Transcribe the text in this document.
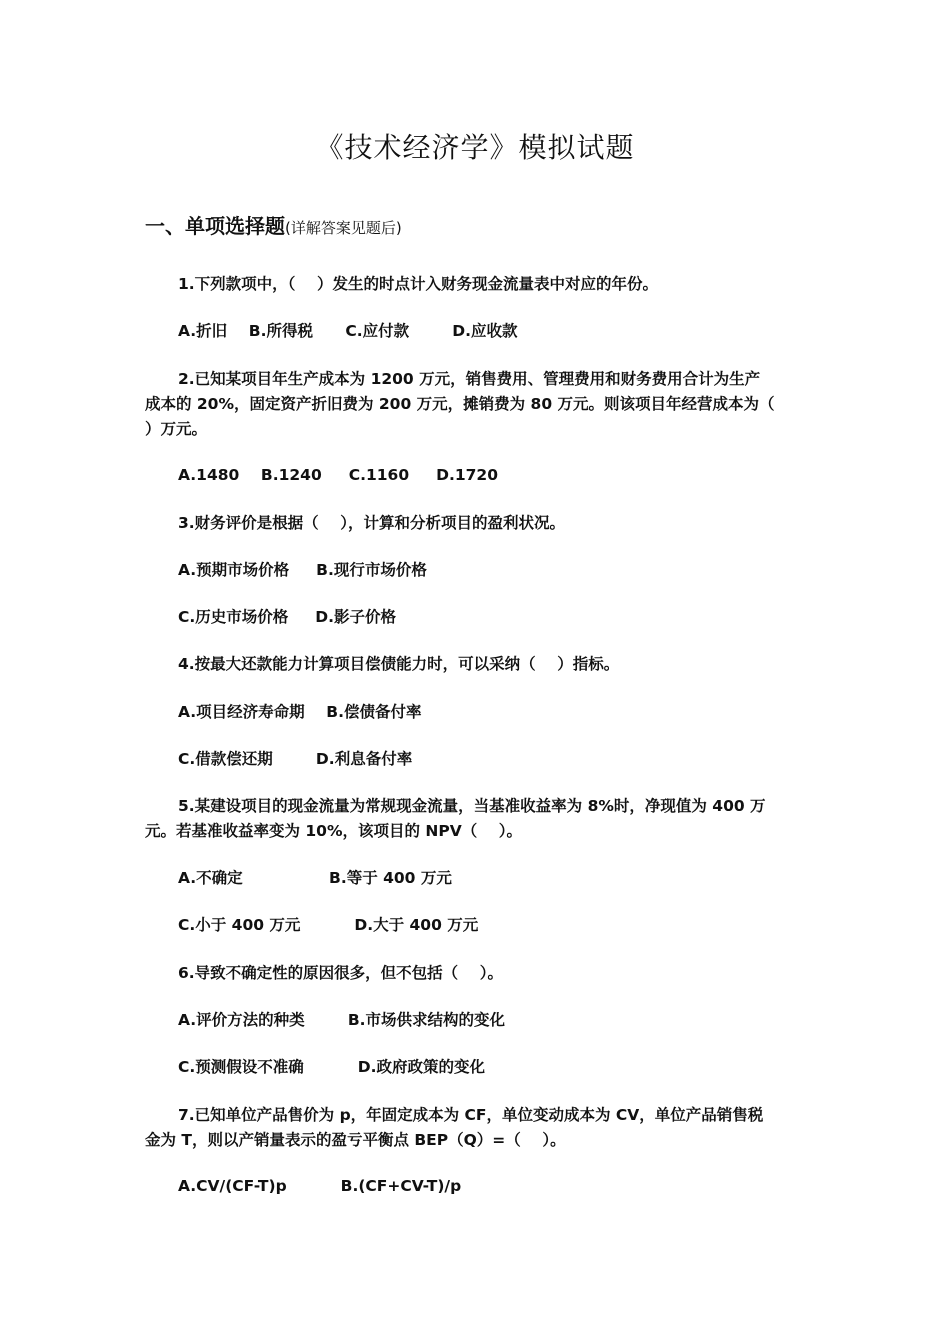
《技术经济学》模拟试题
一、单项选择题(详解答案见题后)

1.下列款项中，（    ）发生的时点计入财务现金流量表中对应的年份。

A.折旧    B.所得税      C.应付款        D.应收款

2.已知某项目年生产成本为 1200 万元，销售费用、管理费用和财务费用合计为生产

成本的 20%，固定资产折旧费为 200 万元，摊销费为 80 万元。则该项目年经营成本为（

）万元。

A.1480    B.1240     C.1160     D.1720

3.财务评价是根据（    ），计算和分析项目的盈利状况。

A.预期市场价格     B.现行市场价格

C.历史市场价格     D.影子价格

4.按最大还款能力计算项目偿债能力时，可以采纳（    ）指标。

A.项目经济寿命期    B.偿债备付率

C.借款偿还期        D.利息备付率

5.某建设项目的现金流量为常规现金流量，当基准收益率为 8%时，净现值为 400 万

元。若基准收益率变为 10%，该项目的 NPV（    ）。

A.不确定                B.等于 400 万元

C.小于 400 万元          D.大于 400 万元

6.导致不确定性的原因很多，但不包括（    ）。

A.评价方法的种类        B.市场供求结构的变化

C.预测假设不准确          D.政府政策的变化

7.已知单位产品售价为 p，年固定成本为 CF，单位变动成本为 CV，单位产品销售税

金为 T，则以产销量表示的盈亏平衡点 BEP（Q）=（    ）。

A.CV/(CF-T)p          B.(CF+CV-T)/p
